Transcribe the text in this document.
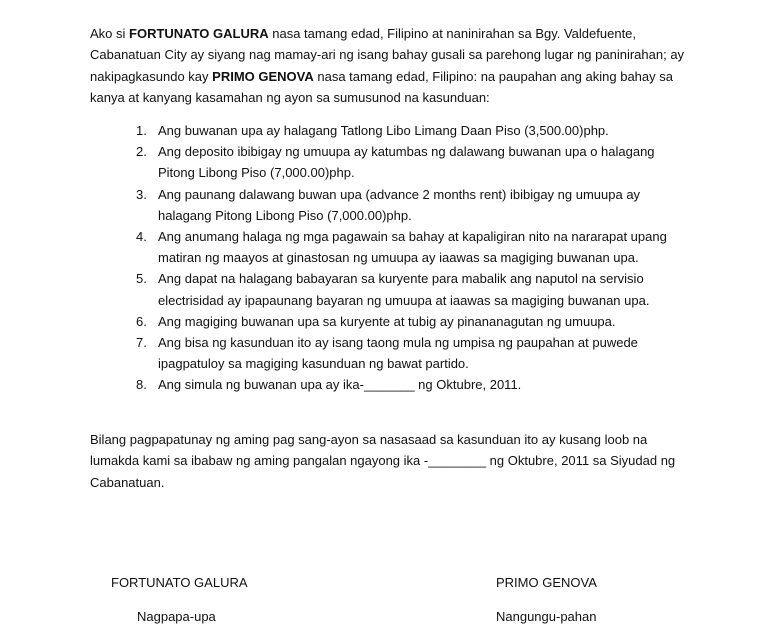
Ako si FORTUNATO GALURA nasa tamang edad, Filipino at naninirahan sa Bgy. Valdefuente, Cabanatuan City ay siyang nag mamay-ari ng isang bahay gusali sa parehong lugar ng paninirahan; ay nakipagkasundo kay PRIMO GENOVA nasa tamang edad, Filipino: na paupahan ang aking bahay sa kanya at kanyang kasamahan ng ayon sa sumusunod na kasunduan:

1. Ang buwanan upa ay halagang Tatlong Libo Limang Daan Piso (3,500.00)php.
2. Ang deposito ibibigay ng umuupa ay katumbas ng dalawang buwanan upa o halagang Pitong Libong Piso (7,000.00)php.
3. Ang paunang dalawang buwan upa (advance 2 months rent) ibibigay ng umuupa ay halagang Pitong Libong Piso (7,000.00)php.
4. Ang anumang halaga ng mga pagawain sa bahay at kapaligiran nito na nararapat upang matiran ng maayos at ginastosan ng umuupa ay iaawas sa magiging buwanan upa.
5. Ang dapat na halagang babayaran sa kuryente para mabalik ang naputol na servisio electrisidad ay ipapaunang bayaran ng umuupa at iaawas sa magiging buwanan upa.
6. Ang magiging buwanan upa sa kuryente at tubig ay pinananagutan ng umuupa.
7. Ang bisa ng kasunduan ito ay isang taong mula ng umpisa ng paupahan at puwede ipagpatuloy sa magiging kasunduan ng bawat partido.
8. Ang simula ng buwanan upa ay ika-_______ ng Oktubre, 2011.

Bilang pagpapatunay ng aming pag sang-ayon sa nasasaad sa kasunduan ito ay kusang loob na lumakda kami sa ibabaw ng aming pangalan ngayong ika -________ ng Oktubre, 2011 sa Siyudad ng Cabanatuan.

FORTUNATO GALURA
Nagpapa-upa
PRIMO GENOVA
Nangungu-pahan
